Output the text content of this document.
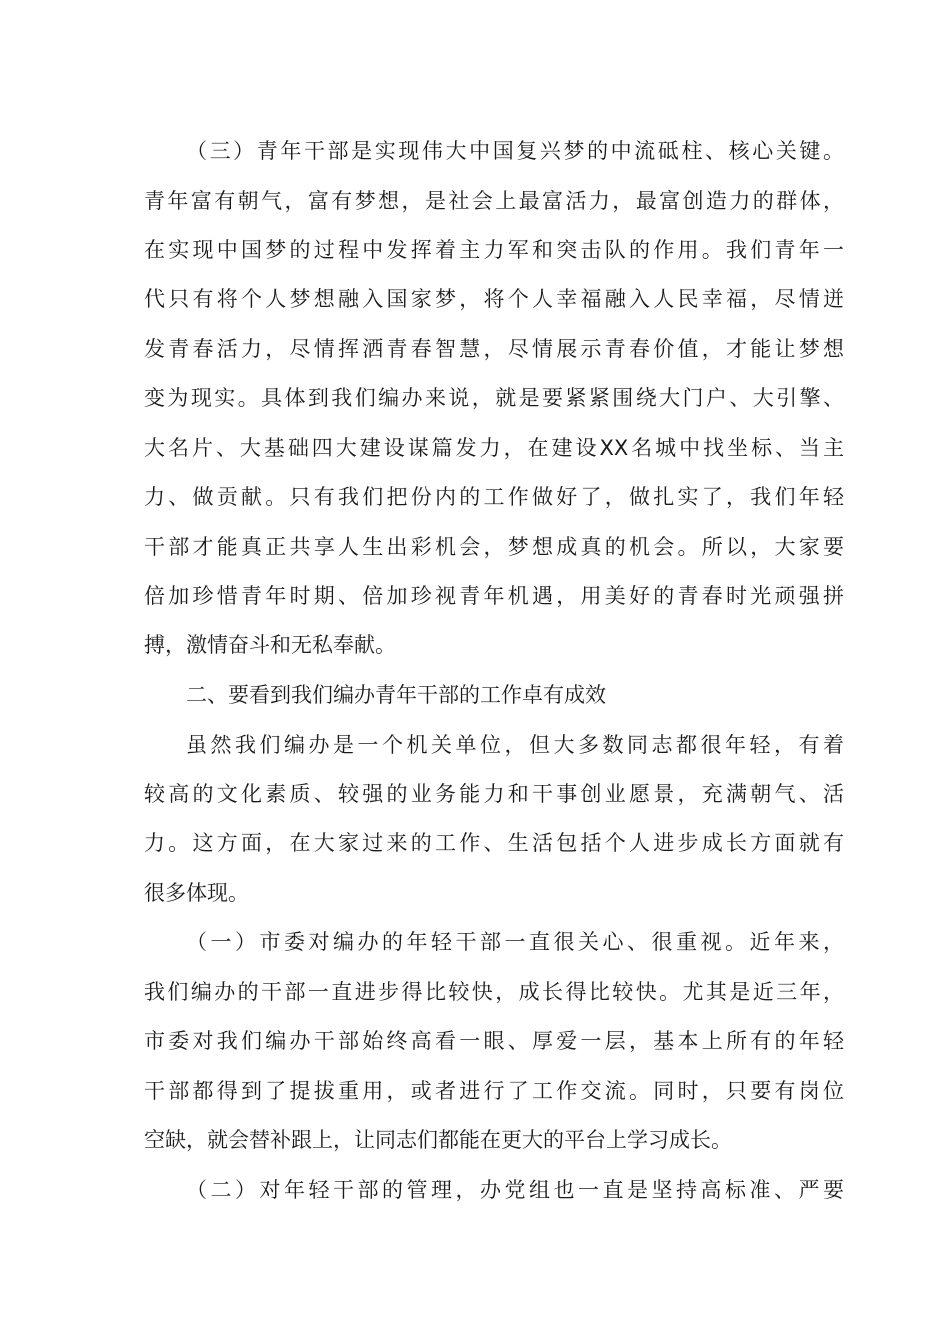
（三）青年干部是实现伟大中国复兴梦的中流砥柱、核心关键。
青年富有朝气，富有梦想，是社会上最富活力，最富创造力的群体，
在实现中国梦的过程中发挥着主力军和突击队的作用。我们青年一
代只有将个人梦想融入国家梦，将个人幸福融入人民幸福，尽情迸
发青春活力，尽情挥洒青春智慧，尽情展示青春价值，才能让梦想
变为现实。具体到我们编办来说，就是要紧紧围绕大门户、大引擎、
大名片、大基础四大建设谋篇发力，在建设XX名城中找坐标、当主
力、做贡献。只有我们把份内的工作做好了，做扎实了，我们年轻
干部才能真正共享人生出彩机会，梦想成真的机会。所以，大家要
倍加珍惜青年时期、倍加珍视青年机遇，用美好的青春时光顽强拼
搏，激情奋斗和无私奉献。
二、要看到我们编办青年干部的工作卓有成效
虽然我们编办是一个机关单位，但大多数同志都很年轻，有着
较高的文化素质、较强的业务能力和干事创业愿景，充满朝气、活
力。这方面，在大家过来的工作、生活包括个人进步成长方面就有
很多体现。
（一）市委对编办的年轻干部一直很关心、很重视。近年来，
我们编办的干部一直进步得比较快，成长得比较快。尤其是近三年，
市委对我们编办干部始终高看一眼、厚爱一层，基本上所有的年轻
干部都得到了提拔重用，或者进行了工作交流。同时，只要有岗位
空缺，就会替补跟上，让同志们都能在更大的平台上学习成长。
（二）对年轻干部的管理，办党组也一直是坚持高标准、严要
